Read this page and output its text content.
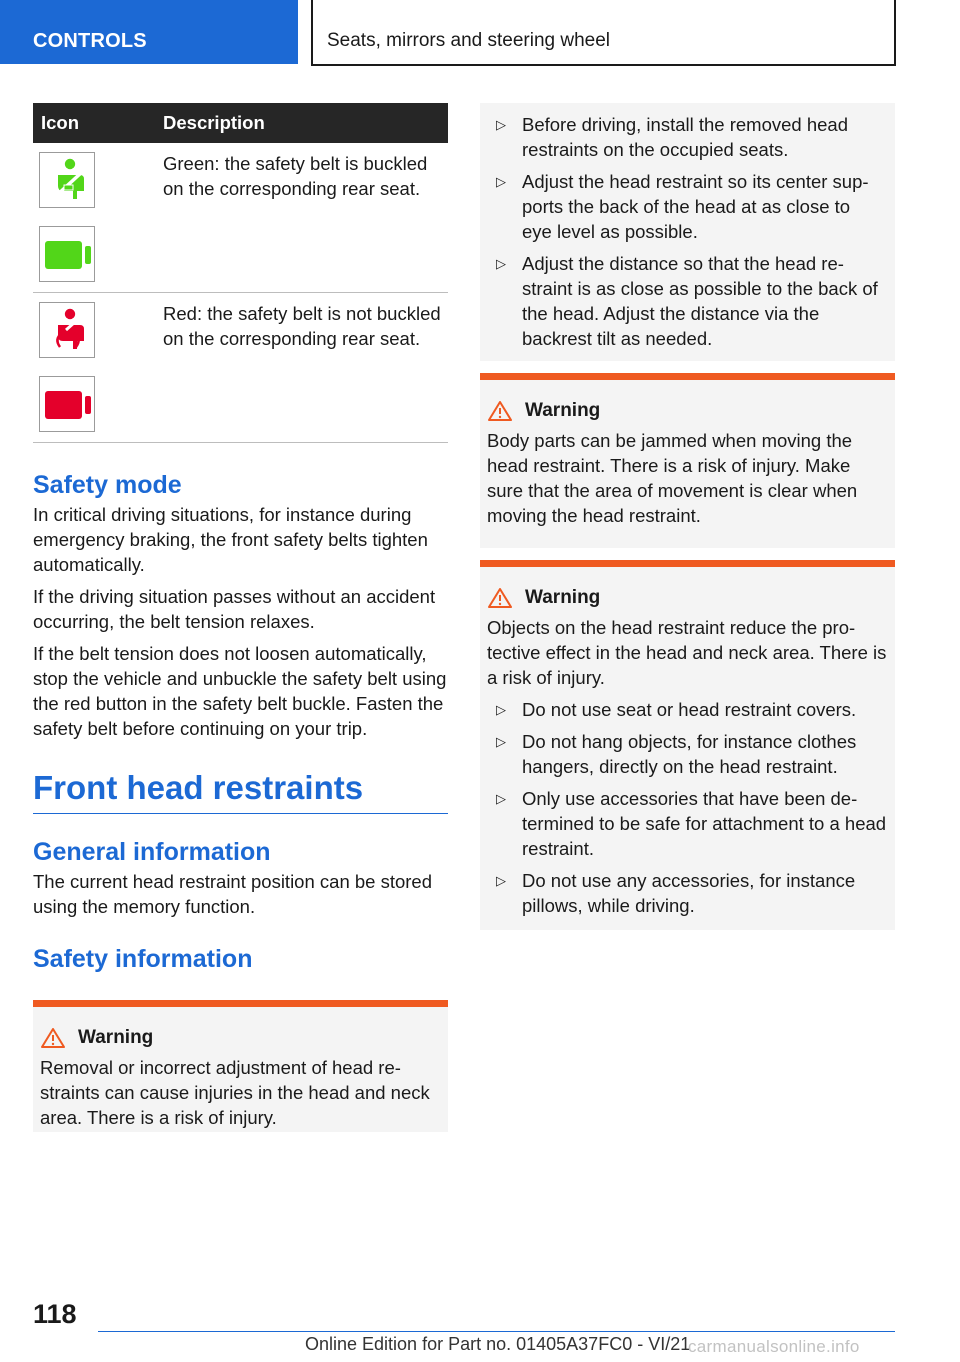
CONTROLS	Seats, mirrors and steering wheel
Icon	Description

	Green: the safety belt is buckled on the corresponding rear seat.

	Red: the safety belt is not buckled on the corresponding rear seat.
Safety mode

In critical driving situations, for instance during emergency braking, the front safety belts tighten automatically.

If the driving situation passes without an accident occurring, the belt tension relaxes.

If the belt tension does not loosen automatically, stop the vehicle and unbuckle the safety belt using the red button in the safety belt buckle. Fasten the safety belt before continuing on your trip.

Front head restraints
General information

The current head restraint position can be stored using the memory function.

Safety information
Warning
Removal or incorrect adjustment of head restraints can cause injuries in the head and neck area. There is a risk of injury.
▷ Before driving, install the removed head restraints on the occupied seats.
▷ Adjust the head restraint so its center supports the back of the head at as close to eye level as possible.
▷ Adjust the distance so that the head restraint is as close as possible to the back of the head. Adjust the distance via the backrest tilt as needed.
Warning
Body parts can be jammed when moving the head restraint. There is a risk of injury. Make sure that the area of movement is clear when moving the head restraint.
Warning
Objects on the head restraint reduce the protective effect in the head and neck area. There is a risk of injury.
▷ Do not use seat or head restraint covers.
▷ Do not hang objects, for instance clothes hangers, directly on the head restraint.
▷ Only use accessories that have been determined to be safe for attachment to a head restraint.
▷ Do not use any accessories, for instance pillows, while driving.
118
Online Edition for Part no. 01405A37FC0 - VI/21
carmanualsonline.info
